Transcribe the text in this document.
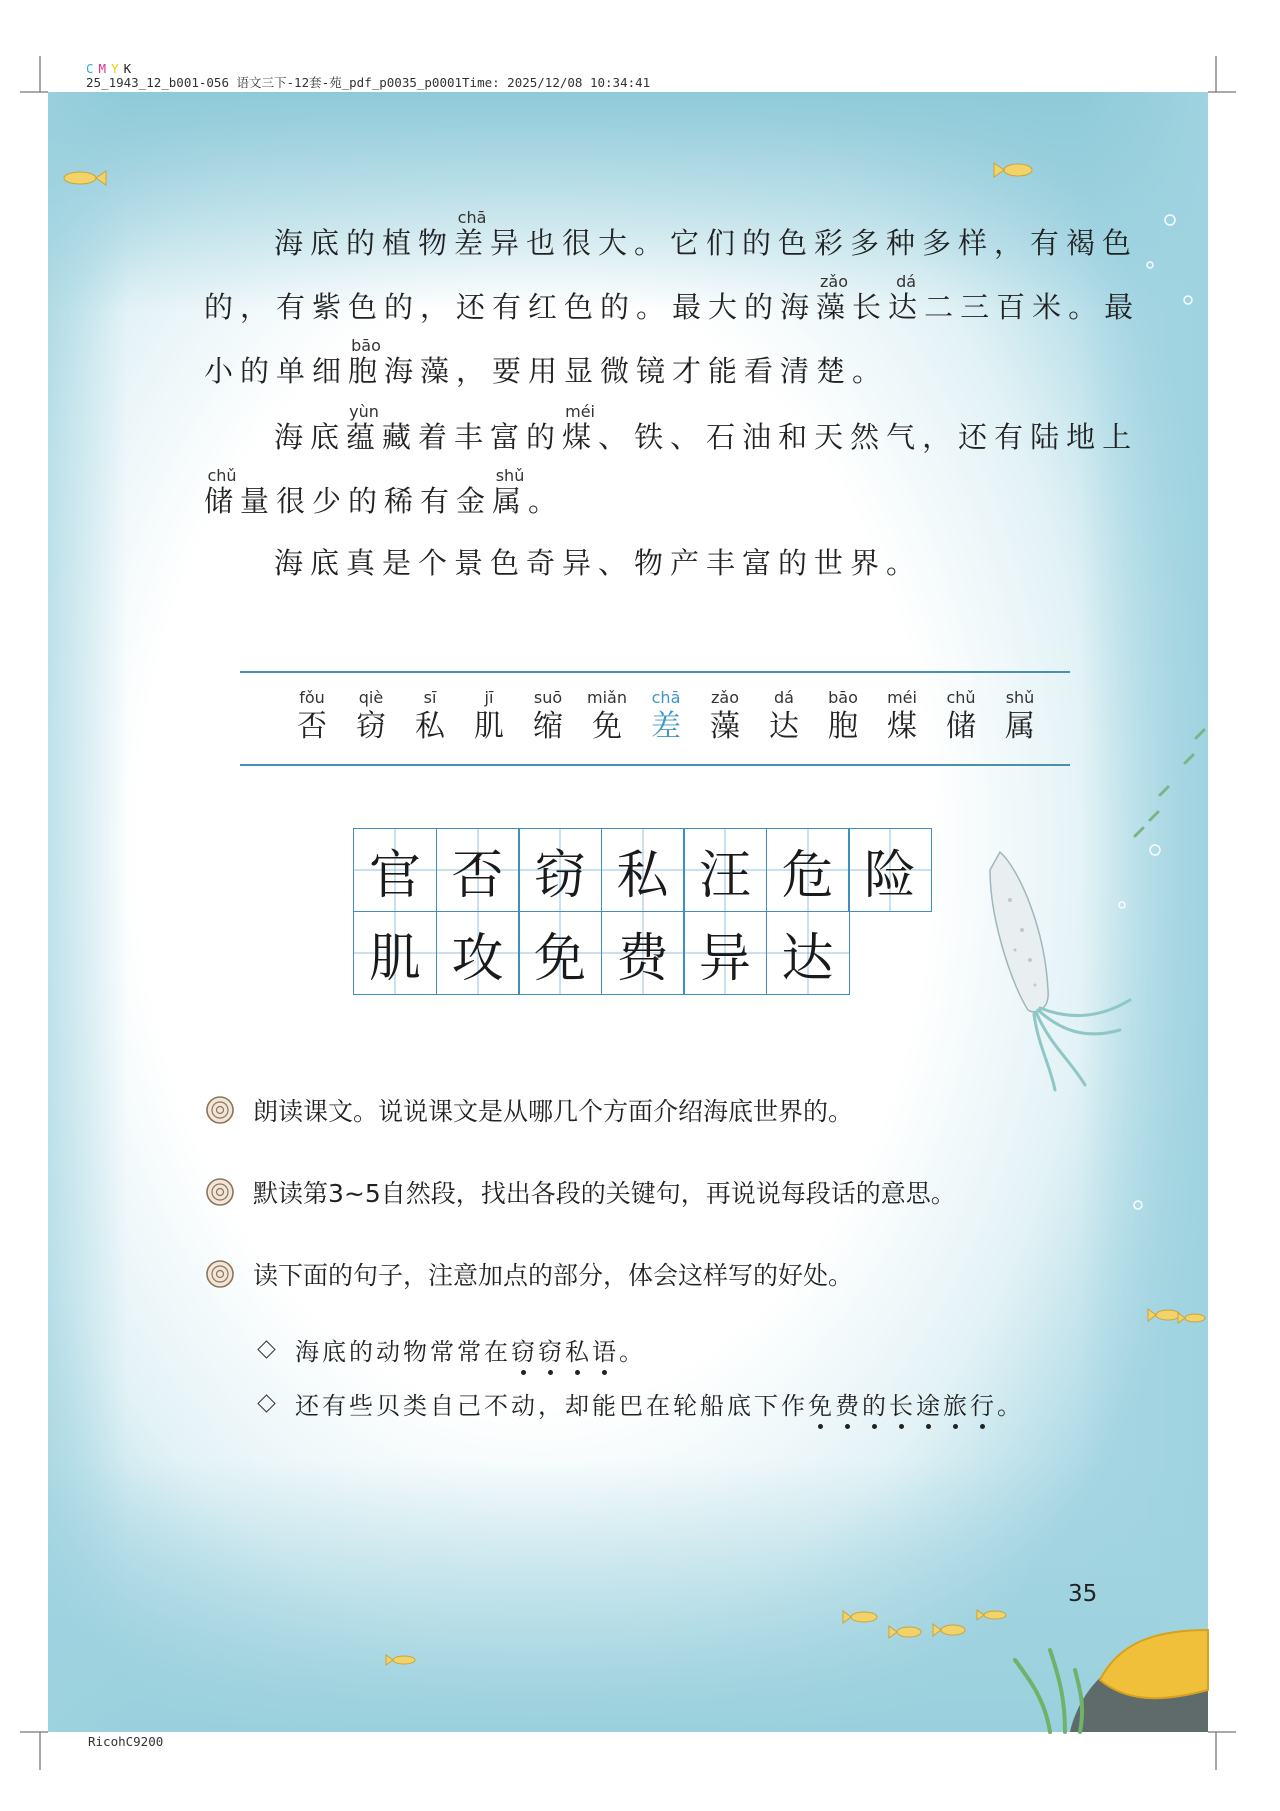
C M Y K
25_1943_12_b001-056 语文三下-12套-苑_pdf_p0035_p0001Time: 2025/12/08 10:34:41
海底的植物差chā异也很大。它们的色彩多种多样，有褐色
的，有紫色的，还有红色的。最大的海藻zǎo长达dá二三百米。最
小的单细胞bāo海藻，要用显微镜才能看清楚。
海底蕴yùn藏着丰富的煤méi、铁、石油和天然气，还有陆地上
储chǔ量很少的稀有金属shǔ。
海底真是个景色奇异、物产丰富的世界。
fǒu
否
qiè
窃
sī
私
jī
肌
suō
缩
miǎn
免
chā
差
zǎo
藻
dá
达
bāo
胞
méi
煤
chǔ
储
shǔ
属
官 否 窃 私 汪 危 险
肌 攻 免 费 异 达
朗读课文。说说课文是从哪几个方面介绍海底世界的。
默读第3~5自然段，找出各段的关键句，再说说每段话的意思。
读下面的句子，注意加点的部分，体会这样写的好处。
海底的动物常常在窃窃私语。
还有些贝类自己不动，却能巴在轮船底下作免费的长途旅行。
35
RicohC9200
